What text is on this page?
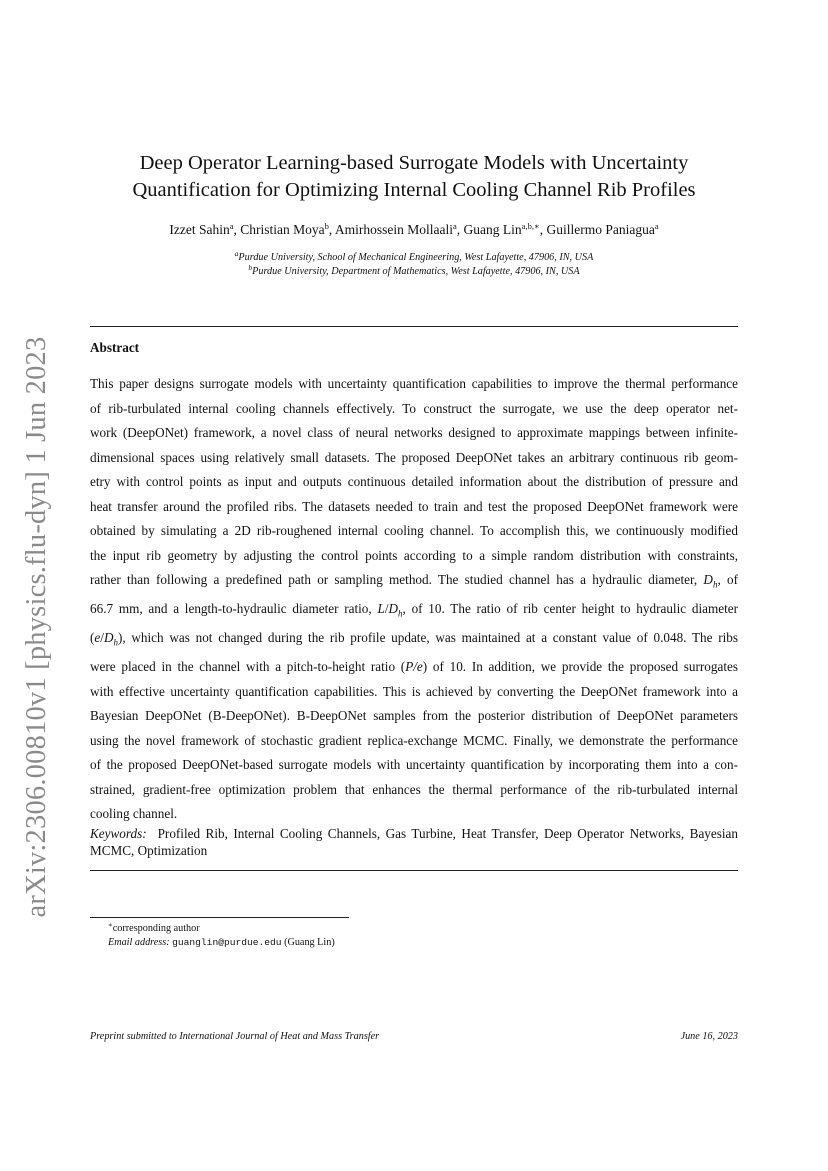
arXiv:2306.00810v1 [physics.flu-dyn] 1 Jun 2023
Deep Operator Learning-based Surrogate Models with Uncertainty
Quantification for Optimizing Internal Cooling Channel Rib Profiles
Izzet Sahin$^a$, Christian Moya$^b$, Amirhossein Mollaali$^a$, Guang Lin$^{a,b,∗}$, Guillermo Paniagua$^a$
$^a$Purdue University, School of Mechanical Engineering, West Lafayette, 47906, IN, USA
$^b$Purdue University, Department of Mathematics, West Lafayette, 47906, IN, USA
Abstract
This paper designs surrogate models with uncertainty quantification capabilities to improve the thermal performance
of rib-turbulated internal cooling channels effectively. To construct the surrogate, we use the deep operator net-
work (DeepONet) framework, a novel class of neural networks designed to approximate mappings between infinite-
dimensional spaces using relatively small datasets. The proposed DeepONet takes an arbitrary continuous rib geom-
etry with control points as input and outputs continuous detailed information about the distribution of pressure and
heat transfer around the profiled ribs. The datasets needed to train and test the proposed DeepONet framework were
obtained by simulating a 2D rib-roughened internal cooling channel. To accomplish this, we continuously modified
the input rib geometry by adjusting the control points according to a simple random distribution with constraints,
rather than following a predefined path or sampling method. The studied channel has a hydraulic diameter, $D_h$, of
66.7 mm, and a length-to-hydraulic diameter ratio, $L/D_h$, of 10. The ratio of rib center height to hydraulic diameter
$(e/D_h)$, which was not changed during the rib profile update, was maintained at a constant value of 0.048. The ribs
were placed in the channel with a pitch-to-height ratio (P/e) of 10. In addition, we provide the proposed surrogates
with effective uncertainty quantification capabilities. This is achieved by converting the DeepONet framework into a
Bayesian DeepONet (B-DeepONet). B-DeepONet samples from the posterior distribution of DeepONet parameters
using the novel framework of stochastic gradient replica-exchange MCMC. Finally, we demonstrate the performance
of the proposed DeepONet-based surrogate models with uncertainty quantification by incorporating them into a con-
strained, gradient-free optimization problem that enhances the thermal performance of the rib-turbulated internal
cooling channel.

Keywords: Profiled Rib, Internal Cooling Channels, Gas Turbine, Heat Transfer, Deep Operator Networks, Bayesian MCMC, Optimization

∗corresponding author
Email address: guanglin@purdue.edu (Guang Lin)
Preprint submitted to International Journal of Heat and Mass Transfer	June 16, 2023
